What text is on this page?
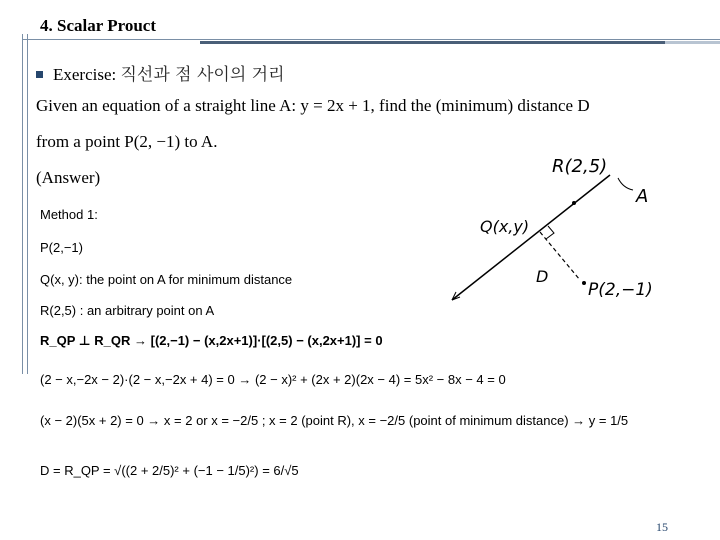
4. Scalar Prouct
Exercise: 직선과 점 사이의 거리
Given an equation of a straight line A: y = 2x + 1, find the (minimum) distance D
from a point P(2, −1) to A.
(Answer)
Method 1:
P(2,−1)
Q(x, y): the point on A for minimum distance
R(2,5) : an arbitrary point on A
R_QP ⊥ R_QR → [(2,−1) − (x,2x+1)]·[(2,5) − (x,2x+1)] = 0
(2 − x,−2x − 2)·(2 − x,−2x + 4) = 0 → (2 − x)² + (2x + 2)(2x − 4) = 5x² − 8x − 4 = 0
(x − 2)(5x + 2) = 0 → x = 2 or x = −2/5 ; x = 2 (point R), x = −2/5 (point of minimum distance) → y = 1/5
D = R_QP = √((2 + 2/5)² + (−1 − 1/5)²) = 6/√5
R(2,5)
A
Q(x,y)
D
P(2,−1)
15
